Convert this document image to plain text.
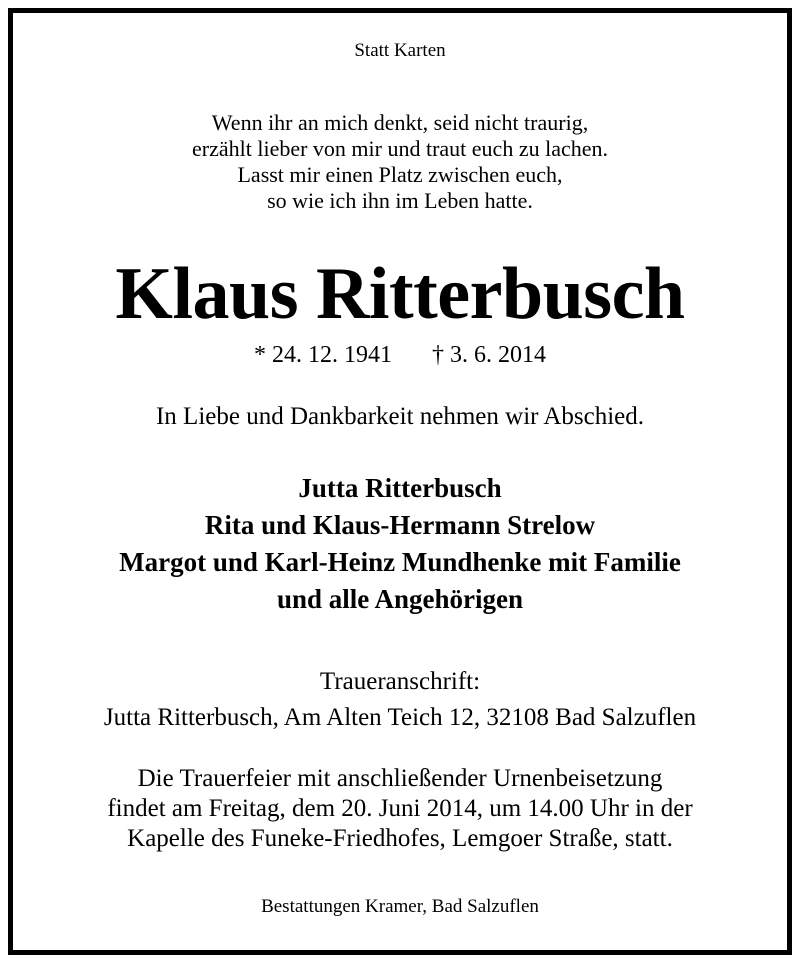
Statt Karten
Wenn ihr an mich denkt, seid nicht traurig,
erzählt lieber von mir und traut euch zu lachen.
Lasst mir einen Platz zwischen euch,
so wie ich ihn im Leben hatte.
Klaus Ritterbusch
* 24. 12. 1941 † 3. 6. 2014
In Liebe und Dankbarkeit nehmen wir Abschied.
Jutta Ritterbusch
Rita und Klaus-Hermann Strelow
Margot und Karl-Heinz Mundhenke mit Familie
und alle Angehörigen
Traueranschrift:
Jutta Ritterbusch, Am Alten Teich 12, 32108 Bad Salzuflen
Die Trauerfeier mit anschließender Urnenbeisetzung
findet am Freitag, dem 20. Juni 2014, um 14.00 Uhr in der
Kapelle des Funeke-Friedhofes, Lemgoer Straße, statt.
Bestattungen Kramer, Bad Salzuflen
